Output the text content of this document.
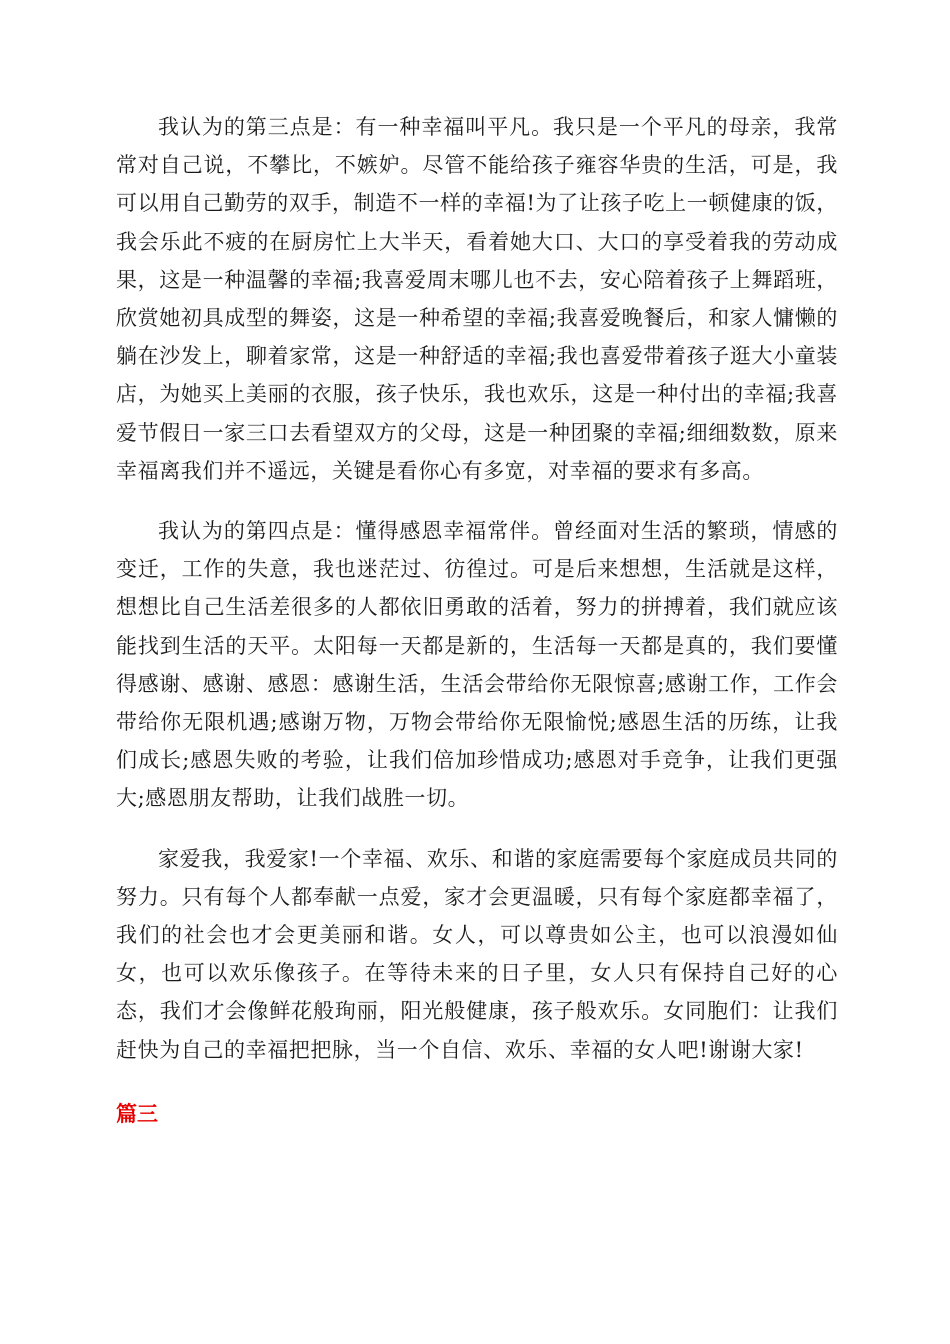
我认为的第三点是：有一种幸福叫平凡。我只是一个平凡的母亲，我常常对自己说，不攀比，不嫉妒。尽管不能给孩子雍容华贵的生活，可是，我可以用自己勤劳的双手，制造不一样的幸福!为了让孩子吃上一顿健康的饭，我会乐此不疲的在厨房忙上大半天，看着她大口、大口的享受着我的劳动成果，这是一种温馨的幸福;我喜爱周末哪儿也不去，安心陪着孩子上舞蹈班，欣赏她初具成型的舞姿，这是一种希望的幸福;我喜爱晚餐后，和家人慵懒的躺在沙发上，聊着家常，这是一种舒适的幸福;我也喜爱带着孩子逛大小童装店，为她买上美丽的衣服，孩子快乐，我也欢乐，这是一种付出的幸福;我喜爱节假日一家三口去看望双方的父母，这是一种团聚的幸福;细细数数，原来幸福离我们并不遥远，关键是看你心有多宽，对幸福的要求有多高。

我认为的第四点是：懂得感恩幸福常伴。曾经面对生活的繁琐，情感的变迁，工作的失意，我也迷茫过、彷徨过。可是后来想想，生活就是这样，想想比自己生活差很多的人都依旧勇敢的活着，努力的拼搏着，我们就应该能找到生活的天平。太阳每一天都是新的，生活每一天都是真的，我们要懂得感谢、感谢、感恩：感谢生活，生活会带给你无限惊喜;感谢工作，工作会带给你无限机遇;感谢万物，万物会带给你无限愉悦;感恩生活的历练，让我们成长;感恩失败的考验，让我们倍加珍惜成功;感恩对手竞争，让我们更强大;感恩朋友帮助，让我们战胜一切。

家爱我，我爱家!一个幸福、欢乐、和谐的家庭需要每个家庭成员共同的努力。只有每个人都奉献一点爱，家才会更温暖，只有每个家庭都幸福了，我们的社会也才会更美丽和谐。女人，可以尊贵如公主，也可以浪漫如仙女，也可以欢乐像孩子。在等待未来的日子里，女人只有保持自己好的心态，我们才会像鲜花般珣丽，阳光般健康，孩子般欢乐。女同胞们：让我们赶快为自己的幸福把把脉，当一个自信、欢乐、幸福的女人吧!谢谢大家!

篇三
